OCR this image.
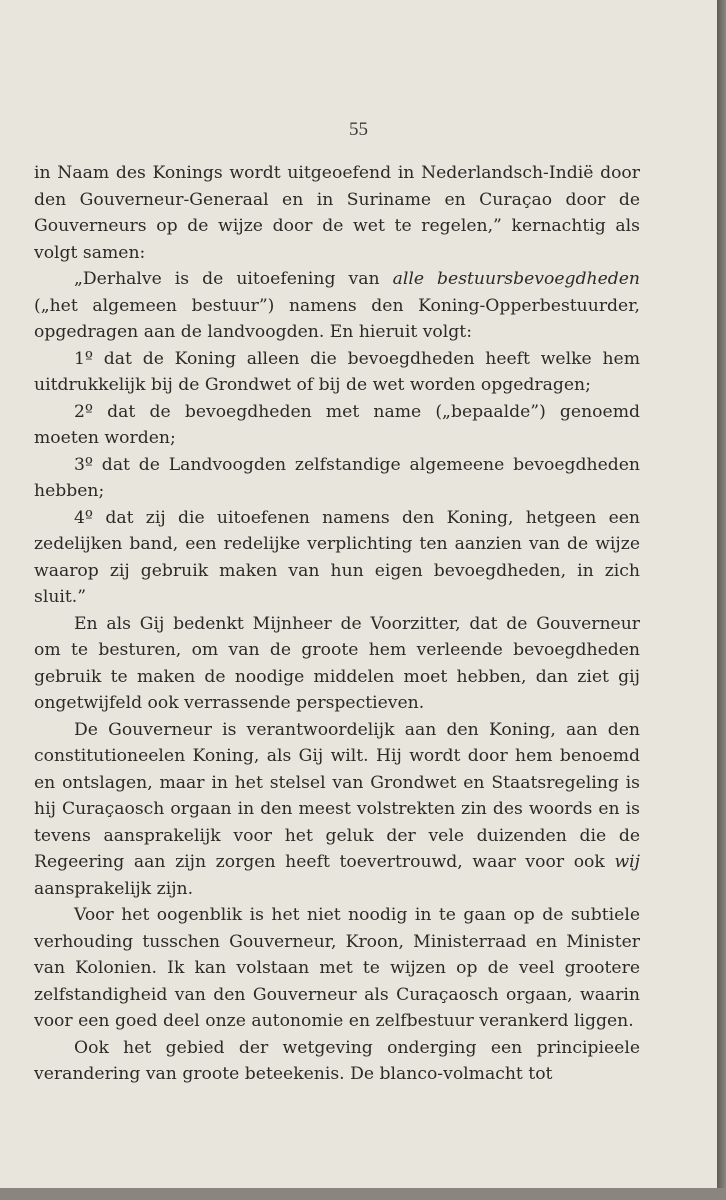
55

in Naam des Konings wordt uitgeoefend in Nederlandsch-Indië door den Gouverneur-Generaal en in Suriname en Curaçao door de Gouverneurs op de wijze door de wet te regelen,” kernachtig als volgt samen:

„Derhalve is de uitoefening van alle bestuursbevoegdheden („het algemeen bestuur”) namens den Koning-Opperbestuurder, opgedragen aan de landvoogden. En hieruit volgt:

1º dat de Koning alleen die bevoegdheden heeft welke hem uitdrukkelijk bij de Grondwet of bij de wet worden opgedragen;

2º dat de bevoegdheden met name („bepaalde”) genoemd moeten worden;

3º dat de Landvoogden zelfstandige algemeene bevoegdheden hebben;

4º dat zij die uitoefenen namens den Koning, hetgeen een zedelijken band, een redelijke verplichting ten aanzien van de wijze waarop zij gebruik maken van hun eigen bevoegdheden, in zich sluit.”

En als Gij bedenkt Mijnheer de Voorzitter, dat de Gouverneur om te besturen, om van de groote hem verleende bevoegdheden gebruik te maken de noodige middelen moet hebben, dan ziet gij ongetwijfeld ook verrassende perspectieven.

De Gouverneur is verantwoordelijk aan den Koning, aan den constitutioneelen Koning, als Gij wilt. Hij wordt door hem benoemd en ontslagen, maar in het stelsel van Grondwet en Staatsregeling is hij Curaçaosch orgaan in den meest volstrekten zin des woords en is tevens aansprakelijk voor het geluk der vele duizenden die de Regeering aan zijn zorgen heeft toevertrouwd, waar voor ook wij aansprakelijk zijn.

Voor het oogenblik is het niet noodig in te gaan op de subtiele verhouding tusschen Gouverneur, Kroon, Ministerraad en Minister van Kolonien. Ik kan volstaan met te wijzen op de veel grootere zelfstandigheid van den Gouverneur als Curaçaosch orgaan, waarin voor een goed deel onze autonomie en zelfbestuur verankerd liggen.

Ook het gebied der wetgeving onderging een principieele verandering van groote beteekenis. De blanco-volmacht tot
